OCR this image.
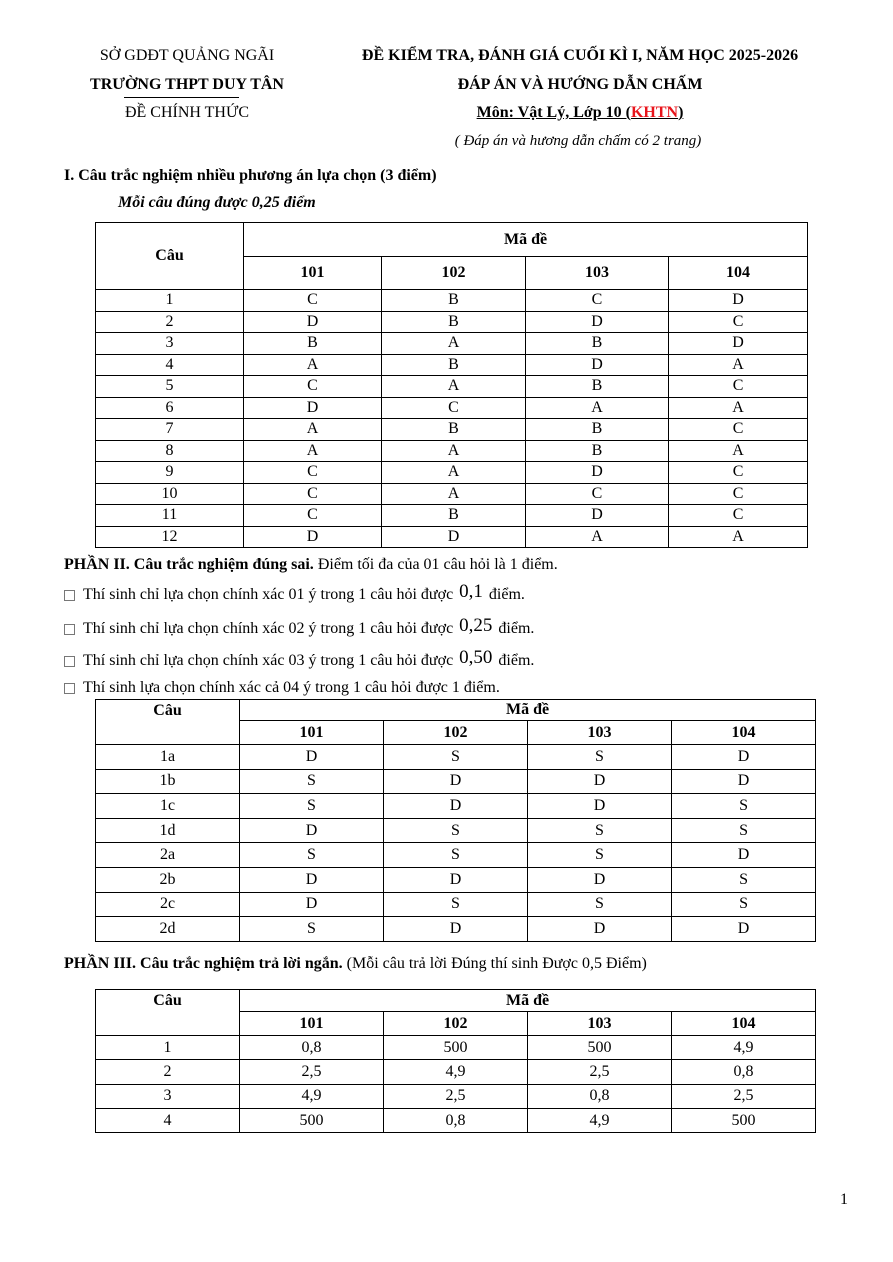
SỞ GDĐT QUẢNG NGÃI
TRƯỜNG THPT DUY TÂN
ĐỀ CHÍNH THỨC
ĐỀ KIỂM TRA, ĐÁNH GIÁ CUỐI KÌ I, NĂM HỌC 2025-2026
ĐÁP ÁN VÀ HƯỚNG DẪN CHẤM
Môn: Vật Lý, Lớp 10 (KHTN)
( Đáp án và hương dẫn chấm có 2 trang)
I. Câu trắc nghiệm nhiều phương án lựa chọn (3 điểm)
Mỗi câu đúng được 0,25 điểm
Câu	Mã đề			
	101	102	103	104
1	C	B	C	D
2	D	B	D	C
3	B	A	B	D
4	A	B	D	A
5	C	A	B	C
6	D	C	A	A
7	A	B	B	C
8	A	A	B	A
9	C	A	D	C
10	C	A	C	C
11	C	B	D	C
12	D	D	A	A
PHẦN II. Câu trắc nghiệm đúng sai. Điểm tối đa của 01 câu hỏi là 1 điểm.
Thí sinh chỉ lựa chọn chính xác 01 ý trong 1 câu hỏi được 0,1 điểm.
Thí sinh chỉ lựa chọn chính xác 02 ý trong 1 câu hỏi được 0,25 điểm.
Thí sinh chỉ lựa chọn chính xác 03 ý trong 1 câu hỏi được 0,50 điểm.
Thí sinh lựa chọn chính xác cả 04 ý trong 1 câu hỏi được 1 điểm.
Câu	Mã đề			
	101	102	103	104
1a	D	S	S	D
1b	S	D	D	D
1c	S	D	D	S
1d	D	S	S	S
2a	S	S	S	D
2b	D	D	D	S
2c	D	S	S	S
2d	S	D	D	D
PHẦN III. Câu trắc nghiệm trả lời ngắn. (Mỗi câu trả lời Đúng thí sinh Được 0,5 Điểm)
Câu	Mã đề			
	101	102	103	104
1	0,8	500	500	4,9
2	2,5	4,9	2,5	0,8
3	4,9	2,5	0,8	2,5
4	500	0,8	4,9	500
1
